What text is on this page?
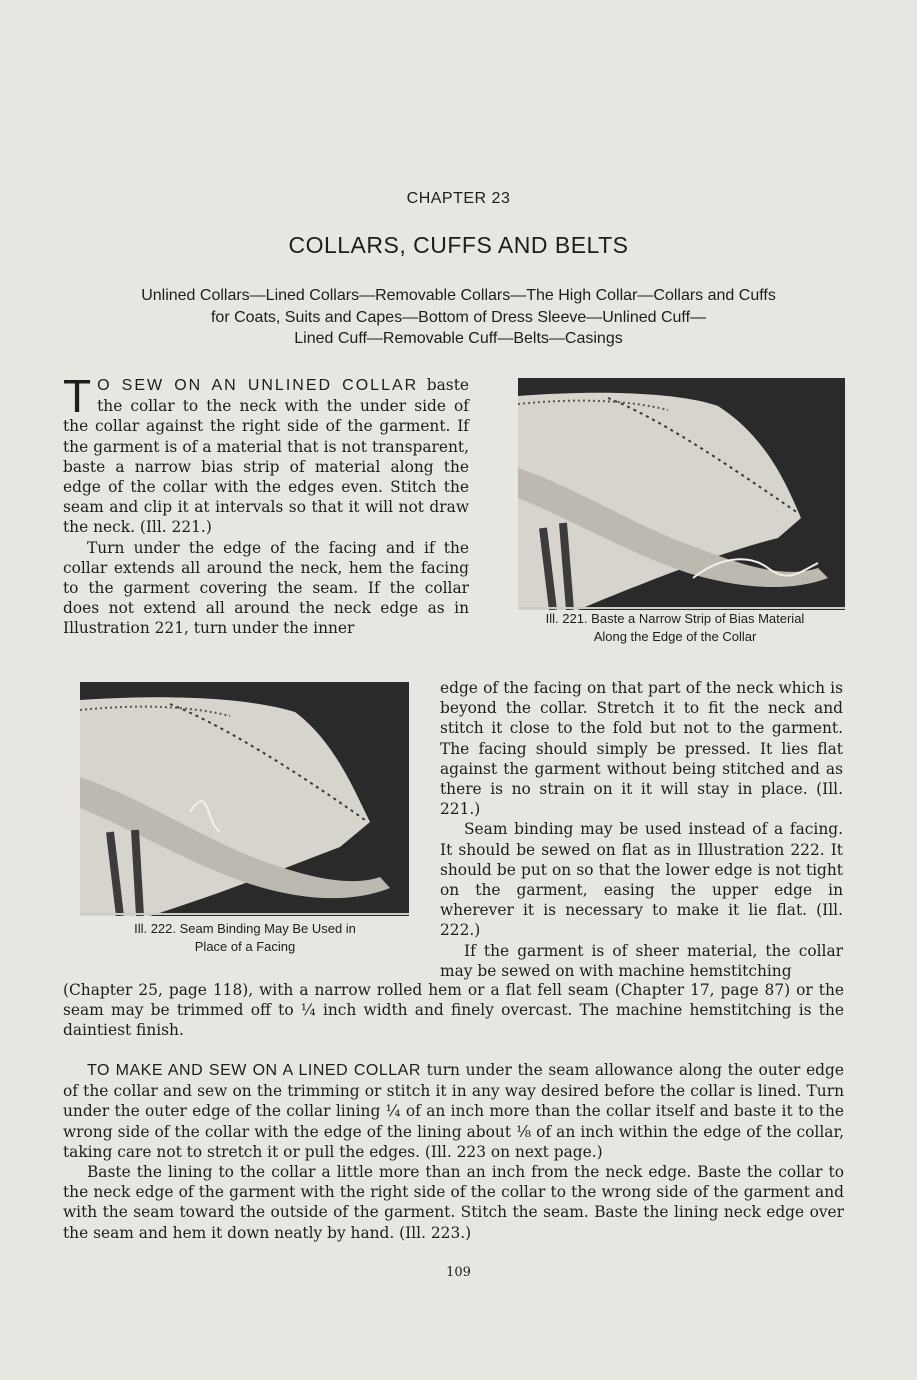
CHAPTER 23
COLLARS, CUFFS AND BELTS
Unlined Collars—Lined Collars—Removable Collars—The High Collar—Collars and Cuffs
for Coats, Suits and Capes—Bottom of Dress Sleeve—Unlined Cuff—
Lined Cuff—Removable Cuff—Belts—Casings

T O SEW ON AN UNLINED COLLAR baste the collar to the neck with the under side of the collar against the right side of the garment. If the garment is of a material that is not transparent, baste a narrow bias strip of material along the edge of the collar with the edges even. Stitch the seam and clip it at intervals so that it will not draw the neck. (Ill. 221.)

Turn under the edge of the facing and if the collar extends all around the neck, hem the facing to the garment covering the seam. If the collar does not extend all around the neck edge as in Illustration 221, turn under the inner

Ill. 221. Baste a Narrow Strip of Bias Material
Along the Edge of the Collar
Ill. 222. Seam Binding May Be Used in
Place of a Facing

edge of the facing on that part of the neck which is beyond the collar. Stretch it to fit the neck and stitch it close to the fold but not to the garment. The facing should simply be pressed. It lies flat against the garment without being stitched and as there is no strain on it it will stay in place. (Ill. 221.)

Seam binding may be used instead of a facing. It should be sewed on flat as in Illustration 222. It should be put on so that the lower edge is not tight on the garment, easing the upper edge in wherever it is necessary to make it lie flat. (Ill. 222.)

If the garment is of sheer material, the collar may be sewed on with machine hemstitching

(Chapter 25, page 118), with a narrow rolled hem or a flat fell seam (Chapter 17, page 87) or the seam may be trimmed off to ¼ inch width and finely overcast. The machine hemstitching is the daintiest finish.

TO MAKE AND SEW ON A LINED COLLAR turn under the seam allowance along the outer edge of the collar and sew on the trimming or stitch it in any way desired before the collar is lined. Turn under the outer edge of the collar lining ¼ of an inch more than the collar itself and baste it to the wrong side of the collar with the edge of the lining about ⅛ of an inch within the edge of the collar, taking care not to stretch it or pull the edges. (Ill. 223 on next page.)

Baste the lining to the collar a little more than an inch from the neck edge. Baste the collar to the neck edge of the garment with the right side of the collar to the wrong side of the garment and with the seam toward the outside of the garment. Stitch the seam. Baste the lining neck edge over the seam and hem it down neatly by hand. (Ill. 223.)

109
